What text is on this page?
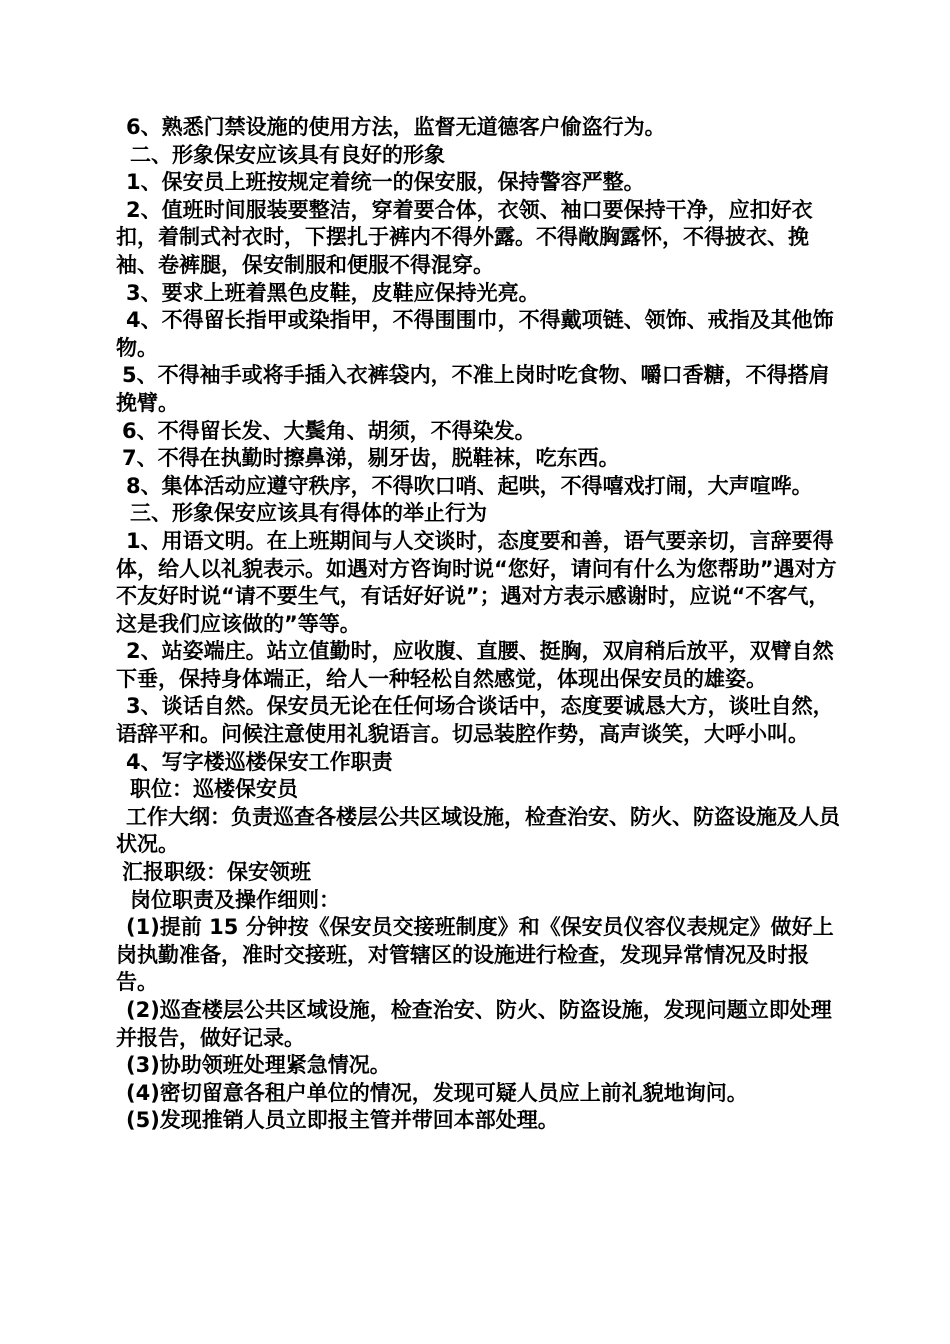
6、熟悉门禁设施的使用方法，监督无道德客户偷盗行为。

二、形象保安应该具有良好的形象

1、保安员上班按规定着统一的保安服，保持警容严整。

2、值班时间服装要整洁，穿着要合体，衣领、袖口要保持干净，应扣好衣扣，着制式衬衣时，下摆扎于裤内不得外露。不得敞胸露怀，不得披衣、挽袖、卷裤腿，保安制服和便服不得混穿。

3、要求上班着黑色皮鞋，皮鞋应保持光亮。

4、不得留长指甲或染指甲，不得围围巾，不得戴项链、领饰、戒指及其他饰物。

5、不得袖手或将手插入衣裤袋内，不准上岗时吃食物、嚼口香糖，不得搭肩挽臂。

6、不得留长发、大鬓角、胡须，不得染发。

7、不得在执勤时擦鼻涕，剔牙齿，脱鞋袜，吃东西。

8、集体活动应遵守秩序，不得吹口哨、起哄，不得嘻戏打闹，大声喧哗。

三、形象保安应该具有得体的举止行为

1、用语文明。在上班期间与人交谈时，态度要和善，语气要亲切，言辞要得体，给人以礼貌表示。如遇对方咨询时说“您好，请问有什么为您帮助”遇对方不友好时说“请不要生气，有话好好说”；遇对方表示感谢时，应说“不客气，这是我们应该做的”等等。

2、站姿端庄。站立值勤时，应收腹、直腰、挺胸，双肩稍后放平，双臂自然下垂，保持身体端正，给人一种轻松自然感觉，体现出保安员的雄姿。

3、谈话自然。保安员无论在任何场合谈话中，态度要诚恳大方，谈吐自然，语辞平和。问候注意使用礼貌语言。切忌装腔作势，高声谈笑，大呼小叫。

4、写字楼巡楼保安工作职责

职位：巡楼保安员

工作大纲：负责巡查各楼层公共区域设施，检查治安、防火、防盗设施及人员状况。

汇报职级：保安领班

岗位职责及操作细则：

(1)提前 15 分钟按《保安员交接班制度》和《保安员仪容仪表规定》做好上岗执勤准备，准时交接班，对管辖区的设施进行检查，发现异常情况及时报告。

(2)巡查楼层公共区域设施，检查治安、防火、防盗设施，发现问题立即处理并报告，做好记录。

(3)协助领班处理紧急情况。

(4)密切留意各租户单位的情况，发现可疑人员应上前礼貌地询问。

(5)发现推销人员立即报主管并带回本部处理。
